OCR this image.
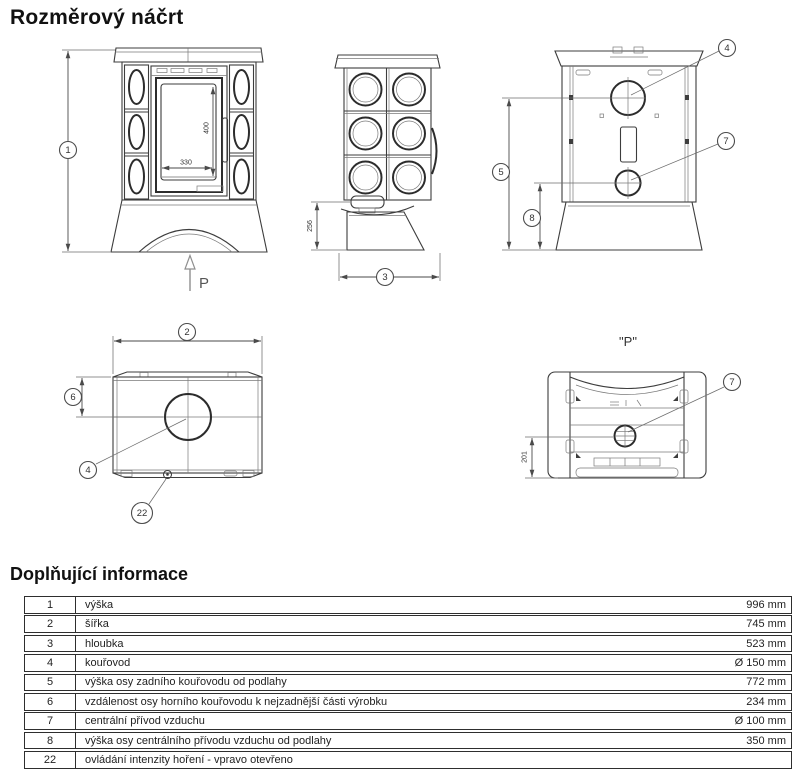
Rozměrový náčrt
330
400
1
P
256
3
4
7
5
8
2
6
4
22
"P"
7
201
Doplňující informace
1	výška	996 mm
2	šířka	745 mm
3	hloubka	523 mm
4	kouřovod	Ø 150 mm
5	výška osy zadního kouřovodu od podlahy	772 mm
6	vzdálenost osy horního kouřovodu k nejzadnější části výrobku	234 mm
7	centrální přívod vzduchu	Ø 100 mm
8	výška osy centrálního přívodu vzduchu od podlahy	350 mm
22	ovládání intenzity hoření - vpravo otevřeno
